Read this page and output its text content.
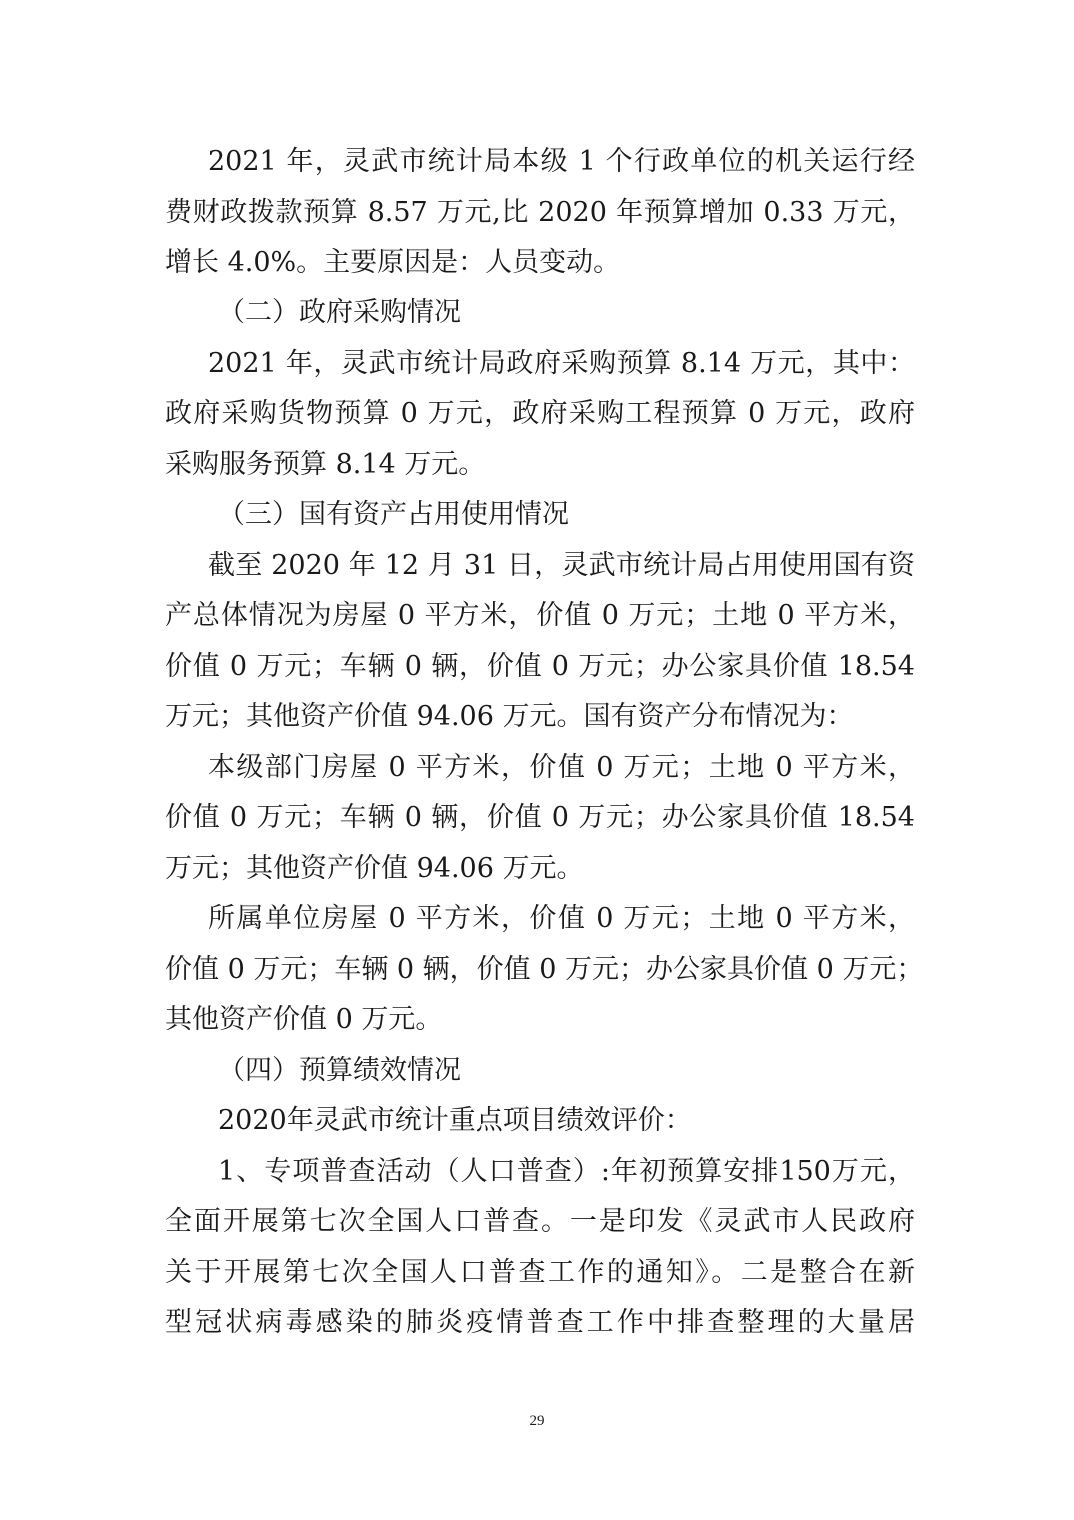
2021 年，灵武市统计局本级 1 个行政单位的机关运行经
费财政拨款预算 8.57 万元,比 2020 年预算增加 0.33 万元，
增长 4.0%。主要原因是：人员变动。
（二）政府采购情况
2021 年，灵武市统计局政府采购预算 8.14 万元，其中：
政府采购货物预算 0 万元，政府采购工程预算 0 万元，政府
采购服务预算 8.14 万元。
（三）国有资产占用使用情况
截至 2020 年 12 月 31 日，灵武市统计局占用使用国有资
产总体情况为房屋 0 平方米，价值 0 万元；土地 0 平方米，
价值 0 万元；车辆 0 辆，价值 0 万元；办公家具价值 18.54
万元；其他资产价值 94.06 万元。国有资产分布情况为：
本级部门房屋 0 平方米，价值 0 万元；土地 0 平方米，
价值 0 万元；车辆 0 辆，价值 0 万元；办公家具价值 18.54
万元；其他资产价值 94.06 万元。
所属单位房屋 0 平方米，价值 0 万元；土地 0 平方米，
价值 0 万元；车辆 0 辆，价值 0 万元；办公家具价值 0 万元；
其他资产价值 0 万元。
（四）预算绩效情况
2020年灵武市统计重点项目绩效评价：
1、专项普查活动（人口普查）:年初预算安排150万元，
全面开展第七次全国人口普查。一是印发《灵武市人民政府
关于开展第七次全国人口普查工作的通知》。二是整合在新
型冠状病毒感染的肺炎疫情普查工作中排查整理的大量居
29
